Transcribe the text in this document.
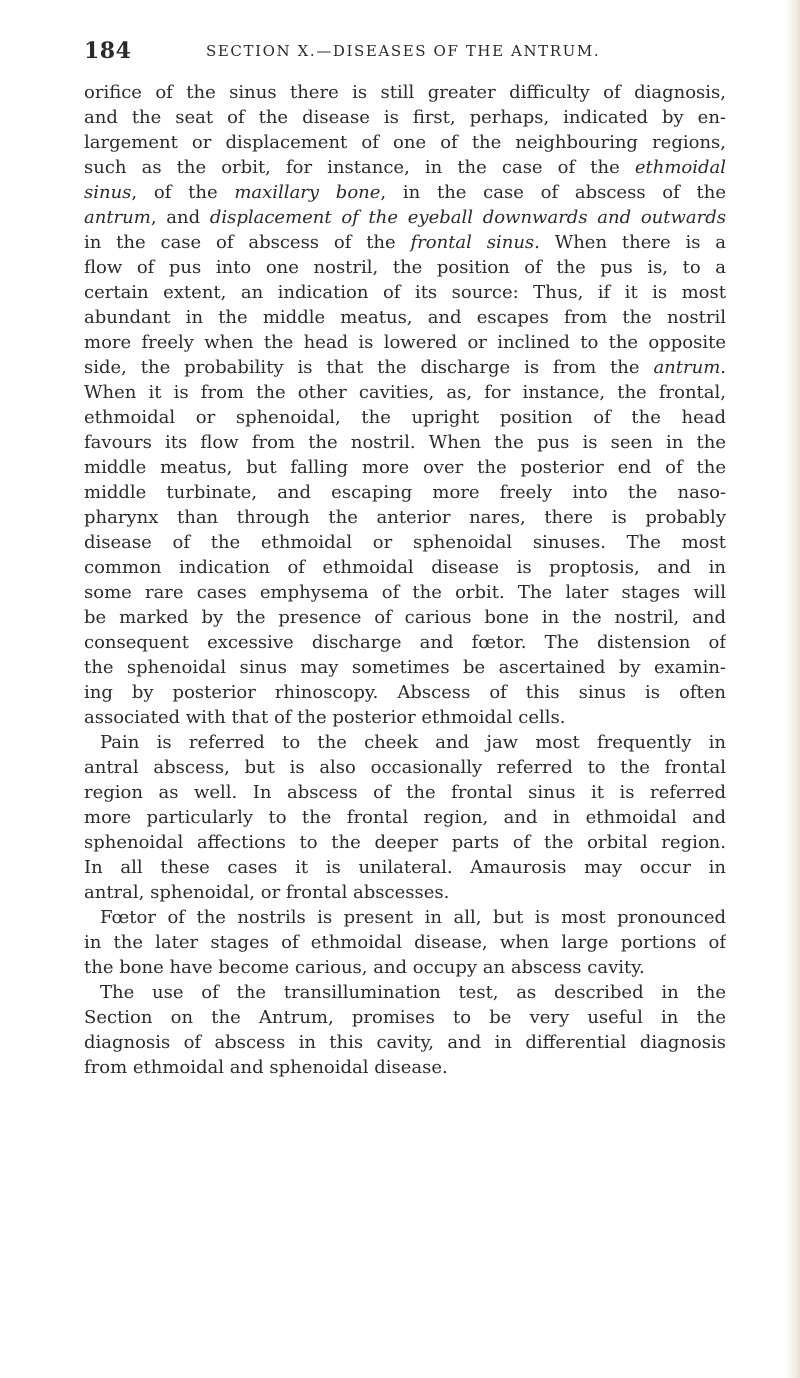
184	SECTION X.—DISEASES OF THE ANTRUM.
orifice of the sinus there is still greater difficulty of diagnosis,
and the seat of the disease is first, perhaps, indicated by en-
largement or displacement of one of the neighbouring regions,
such as the orbit, for instance, in the case of the ethmoidal
sinus, of the maxillary bone, in the case of abscess of the
antrum, and displacement of the eyeball downwards and outwards
in the case of abscess of the frontal sinus. When there is a
flow of pus into one nostril, the position of the pus is, to a
certain extent, an indication of its source: Thus, if it is most
abundant in the middle meatus, and escapes from the nostril
more freely when the head is lowered or inclined to the opposite
side, the probability is that the discharge is from the antrum.
When it is from the other cavities, as, for instance, the frontal,
ethmoidal or sphenoidal, the upright position of the head
favours its flow from the nostril. When the pus is seen in the
middle meatus, but falling more over the posterior end of the
middle turbinate, and escaping more freely into the naso-
pharynx than through the anterior nares, there is probably
disease of the ethmoidal or sphenoidal sinuses. The most
common indication of ethmoidal disease is proptosis, and in
some rare cases emphysema of the orbit. The later stages will
be marked by the presence of carious bone in the nostril, and
consequent excessive discharge and fœtor. The distension of
the sphenoidal sinus may sometimes be ascertained by examin-
ing by posterior rhinoscopy. Abscess of this sinus is often
associated with that of the posterior ethmoidal cells.
Pain is referred to the cheek and jaw most frequently in
antral abscess, but is also occasionally referred to the frontal
region as well. In abscess of the frontal sinus it is referred
more particularly to the frontal region, and in ethmoidal and
sphenoidal affections to the deeper parts of the orbital region.
In all these cases it is unilateral. Amaurosis may occur in
antral, sphenoidal, or frontal abscesses.
Fœtor of the nostrils is present in all, but is most pronounced
in the later stages of ethmoidal disease, when large portions of
the bone have become carious, and occupy an abscess cavity.
The use of the transillumination test, as described in the
Section on the Antrum, promises to be very useful in the
diagnosis of abscess in this cavity, and in differential diagnosis
from ethmoidal and sphenoidal disease.
